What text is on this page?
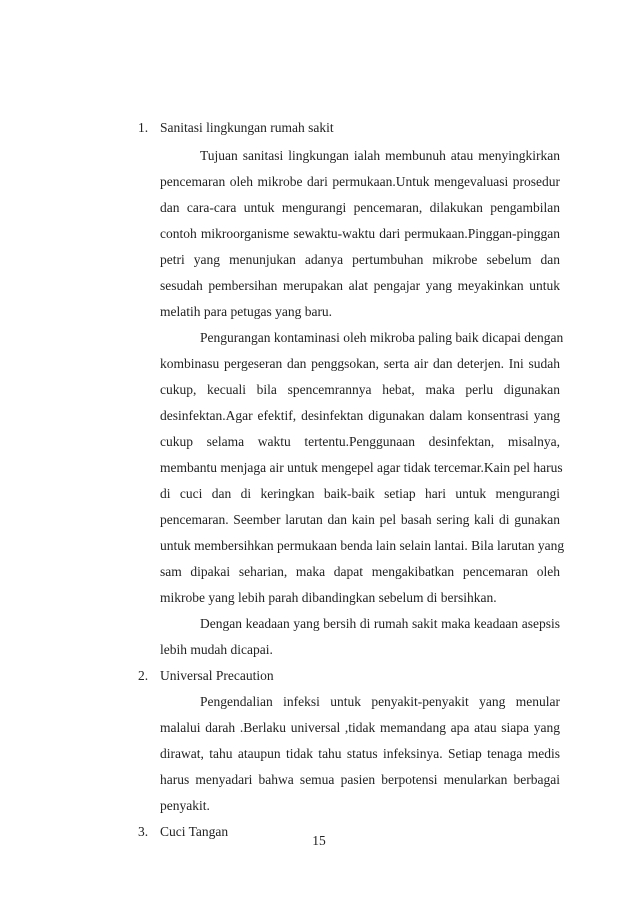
1. Sanitasi lingkungan rumah sakit
Tujuan sanitasi lingkungan ialah membunuh atau menyingkirkan
pencemaran oleh mikrobe dari permukaan.Untuk mengevaluasi prosedur
dan cara-cara untuk mengurangi pencemaran, dilakukan pengambilan
contoh mikroorganisme sewaktu-waktu dari permukaan.Pinggan-pinggan
petri yang menunjukan adanya pertumbuhan mikrobe sebelum dan
sesudah pembersihan merupakan alat pengajar yang meyakinkan untuk
melatih para petugas yang baru.
Pengurangan kontaminasi oleh mikroba paling baik dicapai dengan
kombinasu pergeseran dan penggsokan, serta air dan deterjen. Ini sudah
cukup, kecuali bila spencemrannya hebat, maka perlu digunakan
desinfektan.Agar efektif, desinfektan digunakan dalam konsentrasi yang
cukup selama waktu tertentu.Penggunaan desinfektan, misalnya,
membantu menjaga air untuk mengepel agar tidak tercemar.Kain pel harus
di cuci dan di keringkan baik-baik setiap hari untuk mengurangi
pencemaran. Seember larutan dan kain pel basah sering kali di gunakan
untuk membersihkan permukaan benda lain selain lantai. Bila larutan yang
sam dipakai seharian, maka dapat mengakibatkan pencemaran oleh
mikrobe yang lebih parah dibandingkan sebelum di bersihkan.
Dengan keadaan yang bersih di rumah sakit maka keadaan asepsis
lebih mudah dicapai.
2. Universal Precaution
Pengendalian infeksi untuk penyakit-penyakit yang menular
malalui darah .Berlaku universal ,tidak memandang apa atau siapa yang
dirawat, tahu ataupun tidak tahu status infeksinya. Setiap tenaga medis
harus menyadari bahwa semua pasien berpotensi menularkan berbagai
penyakit.
3. Cuci Tangan
15
